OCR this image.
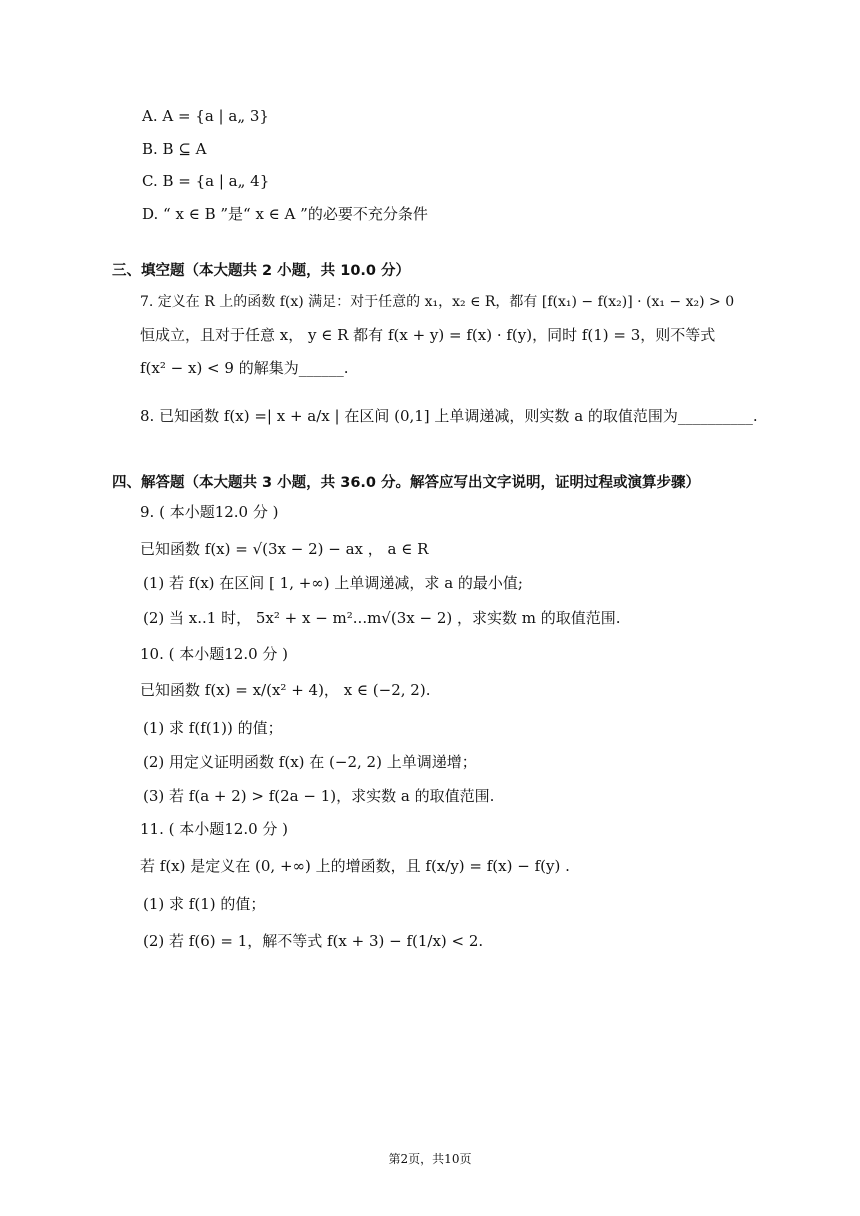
A. A = {a | a„ 3}
B. B ⊆ A
C. B = {a | a„ 4}
D. “ x ∈ B ”是“ x ∈ A ”的必要不充分条件
三、填空题（本大题共 2 小题，共 10.0 分）
7. 定义在 R 上的函数 f(x) 满足：对于任意的 x₁，x₂ ∈ R，都有 [f(x₁) − f(x₂)] · (x₁ − x₂) > 0
恒成立，且对于任意 x， y ∈ R 都有 f(x + y) = f(x) · f(y)，同时 f(1) = 3，则不等式
f(x² − x) < 9 的解集为______.
8. 已知函数 f(x) =| x + a/x | 在区间 (0,1] 上单调递减，则实数 a 的取值范围为__________.
四、解答题（本大题共 3 小题，共 36.0 分。解答应写出文字说明，证明过程或演算步骤）
9. ( 本小题12.0 分 )
已知函数 f(x) = √(3x − 2) − ax ， a ∈ R
(1) 若 f(x) 在区间 [ 1, +∞) 上单调递减，求 a 的最小值;
(2) 当 x..1 时， 5x² + x − m²...m√(3x − 2) ，求实数 m 的取值范围.
10. ( 本小题12.0 分 )
已知函数 f(x) = x/(x² + 4)， x ∈ (−2, 2).
(1) 求 f(f(1)) 的值；
(2) 用定义证明函数 f(x) 在 (−2, 2) 上单调递增；
(3) 若 f(a + 2) > f(2a − 1)，求实数 a 的取值范围.
11. ( 本小题12.0 分 )
若 f(x) 是定义在 (0, +∞) 上的增函数，且 f(x/y) = f(x) − f(y) .
(1) 求 f(1) 的值；
(2) 若 f(6) = 1，解不等式 f(x + 3) − f(1/x) < 2.
第2页，共10页
